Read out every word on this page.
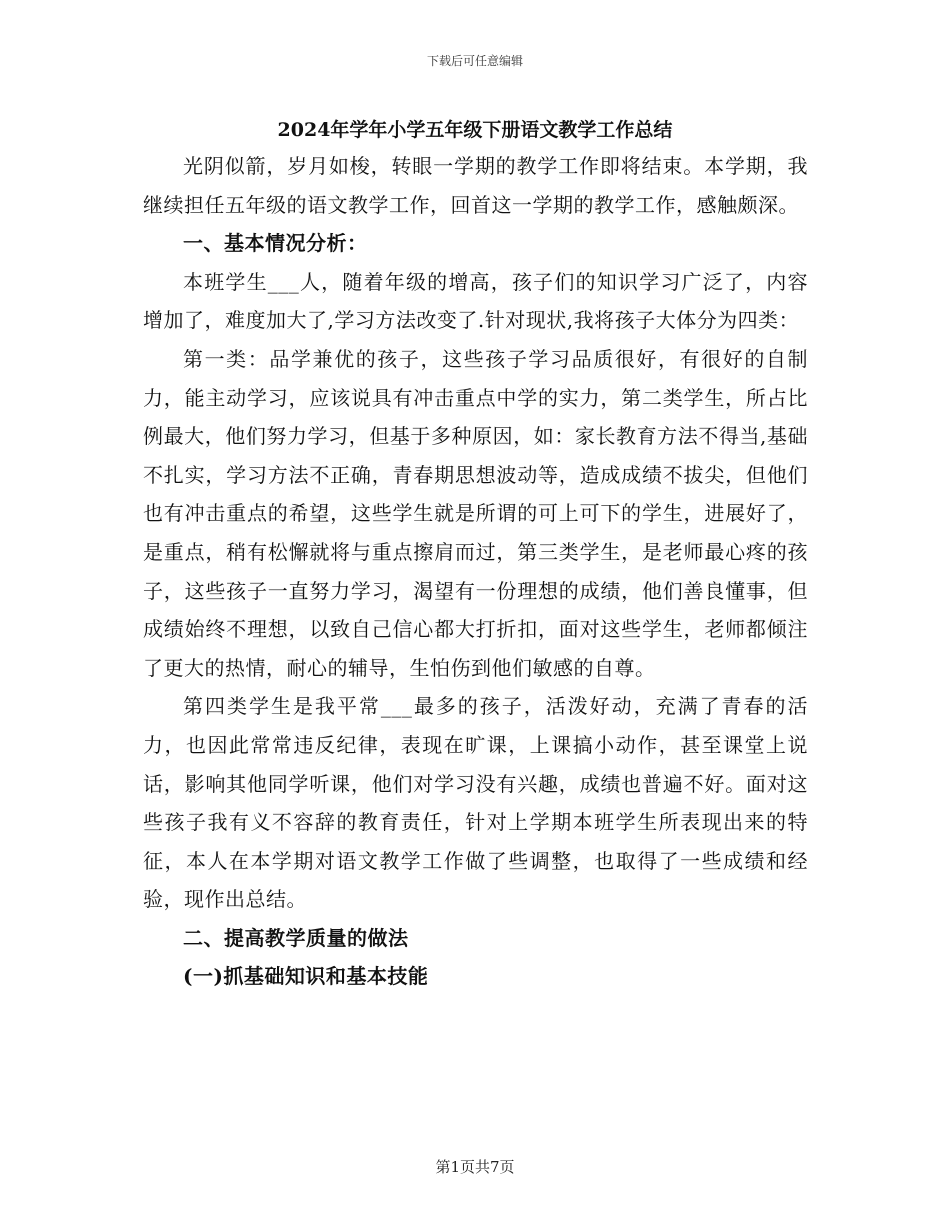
下载后可任意编辑
2024年学年小学五年级下册语文教学工作总结

光阴似箭，岁月如梭，转眼一学期的教学工作即将结束。本学期，我继续担任五年级的语文教学工作，回首这一学期的教学工作，感触颇深。

一、基本情况分析：

本班学生___人，随着年级的增高，孩子们的知识学习广泛了，内容增加了，难度加大了,学习方法改变了.针对现状,我将孩子大体分为四类：

第一类：品学兼优的孩子，这些孩子学习品质很好，有很好的自制力，能主动学习，应该说具有冲击重点中学的实力，第二类学生，所占比例最大，他们努力学习，但基于多种原因，如：家长教育方法不得当,基础不扎实，学习方法不正确，青春期思想波动等，造成成绩不拔尖，但他们也有冲击重点的希望，这些学生就是所谓的可上可下的学生，进展好了，是重点，稍有松懈就将与重点擦肩而过，第三类学生，是老师最心疼的孩子，这些孩子一直努力学习，渴望有一份理想的成绩，他们善良懂事，但成绩始终不理想，以致自己信心都大打折扣，面对这些学生，老师都倾注了更大的热情，耐心的辅导，生怕伤到他们敏感的自尊。

第四类学生是我平常___最多的孩子，活泼好动，充满了青春的活力，也因此常常违反纪律，表现在旷课，上课搞小动作，甚至课堂上说话，影响其他同学听课，他们对学习没有兴趣，成绩也普遍不好。面对这些孩子我有义不容辞的教育责任，针对上学期本班学生所表现出来的特征，本人在本学期对语文教学工作做了些调整，也取得了一些成绩和经验，现作出总结。

二、提高教学质量的做法

(一)抓基础知识和基本技能

第1页共7页
